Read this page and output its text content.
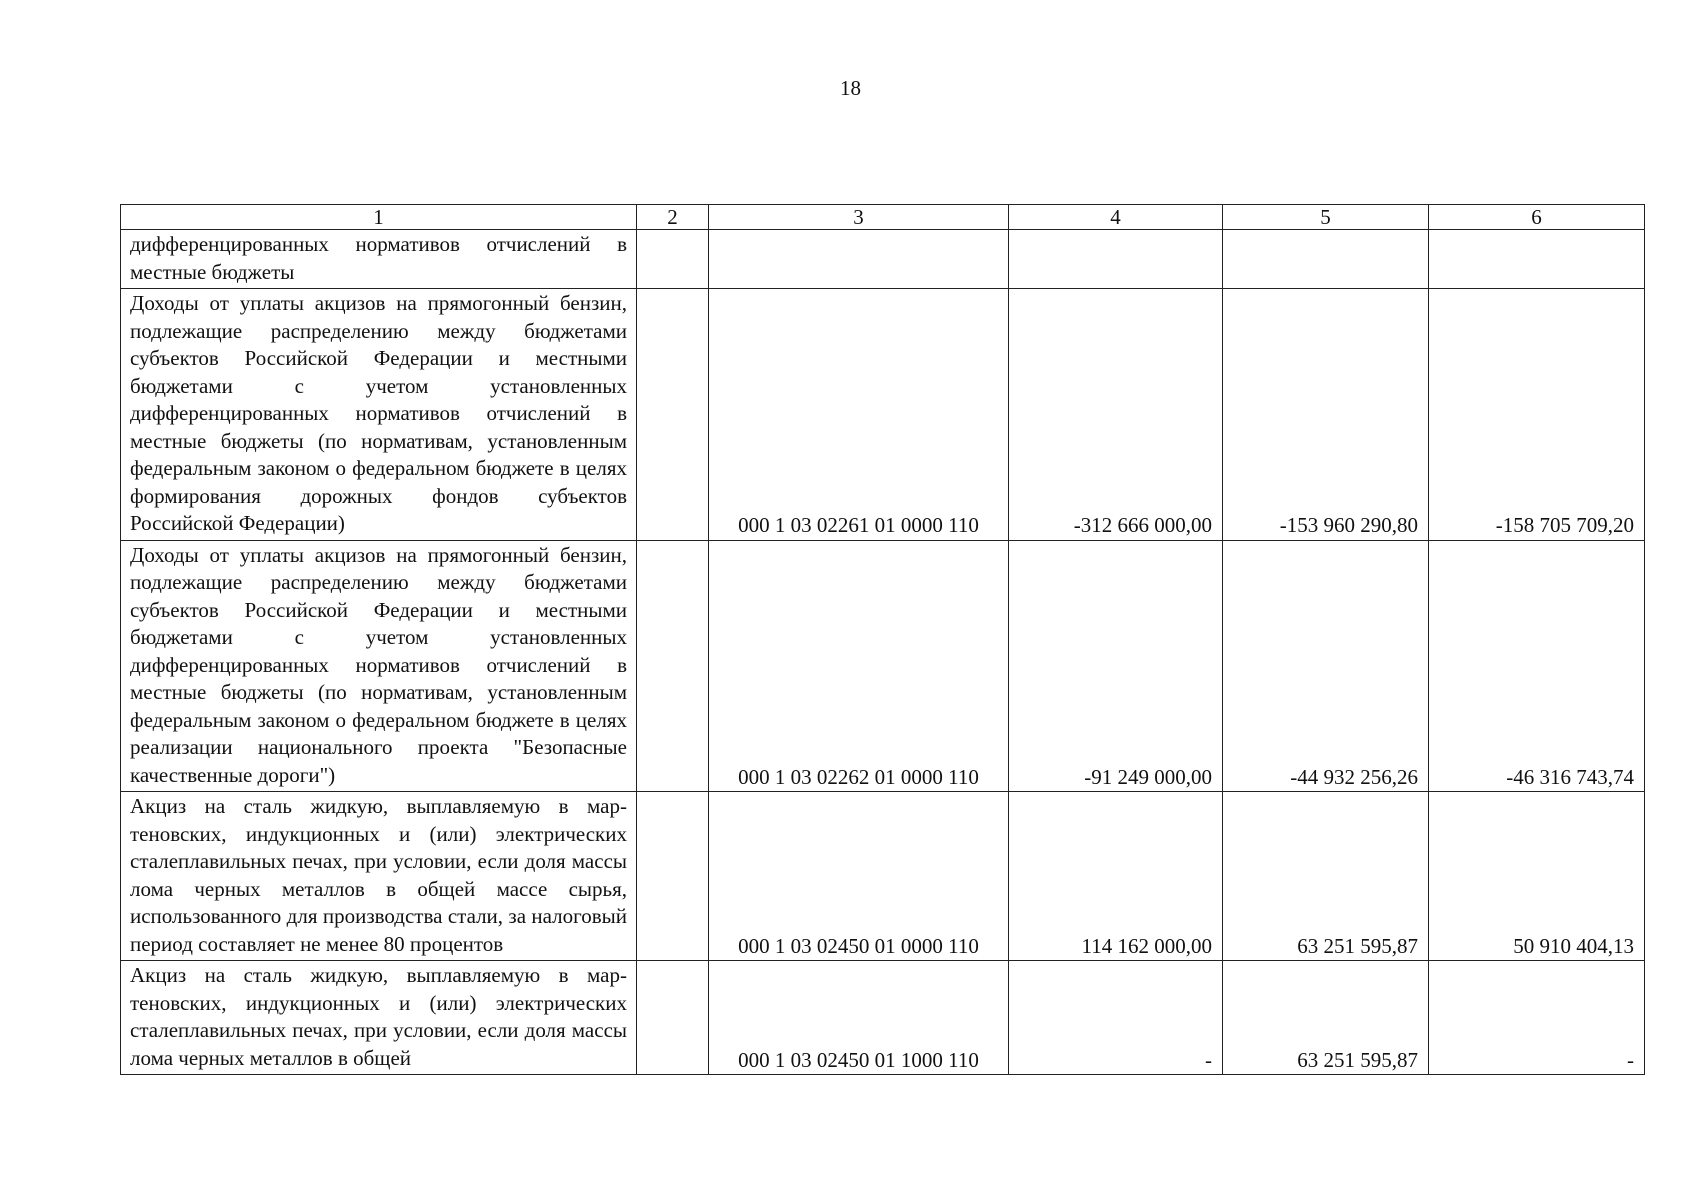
18
1	2	3	4	5	6
дифференцированных нормативов отчислений в местные бюджеты					
Доходы от уплаты акцизов на прямогонный бензин, подлежащие распределению между бюджетами субъектов Российской Федерации и местными бюджетами с учетом установленных дифференцированных нормативов отчислений в местные бюджеты (по нормативам, установленным федеральным законом о федеральном бюджете в целях формирования дорожных фондов субъектов Российской Федерации)		000 1 03 02261 01 0000 110	-312 666 000,00	-153 960 290,80	-158 705 709,20
Доходы от уплаты акцизов на прямогонный бензин, подлежащие распределению между бюджетами субъектов Российской Федерации и местными бюджетами с учетом установленных дифференцированных нормативов отчислений в местные бюджеты (по нормативам, установленным федеральным законом о федеральном бюджете в целях реализации национального проекта "Безопасные качественные дороги")		000 1 03 02262 01 0000 110	-91 249 000,00	-44 932 256,26	-46 316 743,74
Акциз на сталь жидкую, выплавляемую в мартеновских, индукционных и (или) электрических сталеплавильных печах, при условии, если доля массы лома черных металлов в общей массе сырья, использованного для производства стали, за налоговый период составляет не менее 80 процентов		000 1 03 02450 01 0000 110	114 162 000,00	63 251 595,87	50 910 404,13
Акциз на сталь жидкую, выплавляемую в мартеновских, индукционных и (или) электрических сталеплавильных печах, при условии, если доля массы лома черных металлов в общей		000 1 03 02450 01 1000 110	-	63 251 595,87	-
